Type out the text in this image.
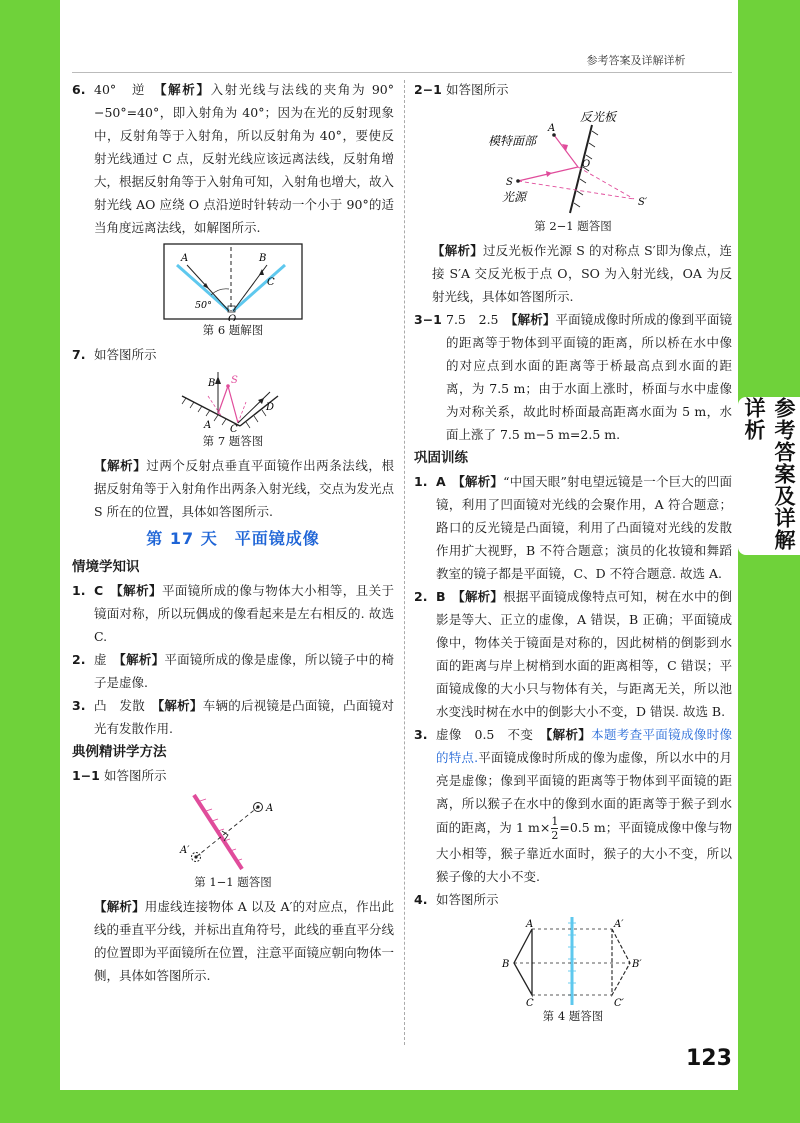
参考答案及详解详析
参考答案及详解详析
6. 40°　逆　【解析】入射光线与法线的夹角为 90°−50°=40°，即入射角为 40°；因为在光的反射现象中，反射角等于入射角，所以反射角为 40°，要使反射光线通过 C 点，反射光线应该远离法线，反射角增大，根据反射角等于入射角可知，入射角也增大，故入射光线 AO 应绕 O 点沿逆时针转动一个小于 90°的适当角度远离法线，如解图所示.
A	B
C
O
50°
第 6 题解图
7. 如答图所示
B S
A C
D
第 7 题答图
【解析】过两个反射点垂直平面镜作出两条法线，根据反射角等于入射角作出两条入射光线，交点为发光点 S 所在的位置，具体如答图所示.
第 17 天　平面镜成像
情境学知识
1. C　【解析】平面镜所成的像与物体大小相等，且关于镜面对称，所以玩偶成的像看起来是左右相反的. 故选 C.
2. 虚　【解析】平面镜所成的像是虚像，所以镜子中的椅子是虚像.
3. 凸　发散　【解析】车辆的后视镜是凸面镜，凸面镜对光有发散作用.
典例精讲学方法
1−1 如答图所示
A
A′
第 1−1 题答图
【解析】用虚线连接物体 A 以及 A′的对应点，作出此线的垂直平分线，并标出直角符号，此线的垂直平分线的位置即为平面镜所在位置，注意平面镜应朝向物体一侧，具体如答图所示.
2−1 如答图所示
反光板
模特面部
A
S
光源
O
S′
第 2−1 题答图
【解析】过反光板作光源 S 的对称点 S′即为像点，连接 S′A 交反光板于点 O，SO 为入射光线，OA 为反射光线，具体如答图所示.
3−1 7.5　2.5　【解析】平面镜成像时所成的像到平面镜的距离等于物体到平面镜的距离，所以桥在水中像的对应点到水面的距离等于桥最高点到水面的距离，为 7.5 m；由于水面上涨时，桥面与水中虚像为对称关系，故此时桥面最高距离水面为 5 m，水面上涨了 7.5 m−5 m=2.5 m.
巩固训练
1. A　【解析】“中国天眼”射电望远镜是一个巨大的凹面镜，利用了凹面镜对光线的会聚作用，A 符合题意；路口的反光镜是凸面镜，利用了凸面镜对光线的发散作用扩大视野，B 不符合题意；演员的化妆镜和舞蹈教室的镜子都是平面镜，C、D 不符合题意. 故选 A.
2. B　【解析】根据平面镜成像特点可知，树在水中的倒影是等大、正立的虚像，A 错误，B 正确；平面镜成像中，物体关于镜面是对称的，因此树梢的倒影到水面的距离与岸上树梢到水面的距离相等，C 错误；平面镜成像的大小只与物体有关，与距离无关，所以池水变浅时树在水中的倒影大小不变，D 错误. 故选 B.
3. 虚像　0.5　不变　【解析】本题考查平面镜成像时像的特点.平面镜成像时所成的像为虚像，所以水中的月亮是虚像；像到平面镜的距离等于物体到平面镜的距离，所以猴子在水中的像到水面的距离等于猴子到水面的距离，为 1 $m\times \frac{1}{2} =0.5$ m；平面镜成像中像与物大小相等，猴子靠近水面时，猴子的大小不变，所以猴子像的大小不变.
4. 如答图所示
A	A′
B	B′
C	C′
第 4 题答图
123
